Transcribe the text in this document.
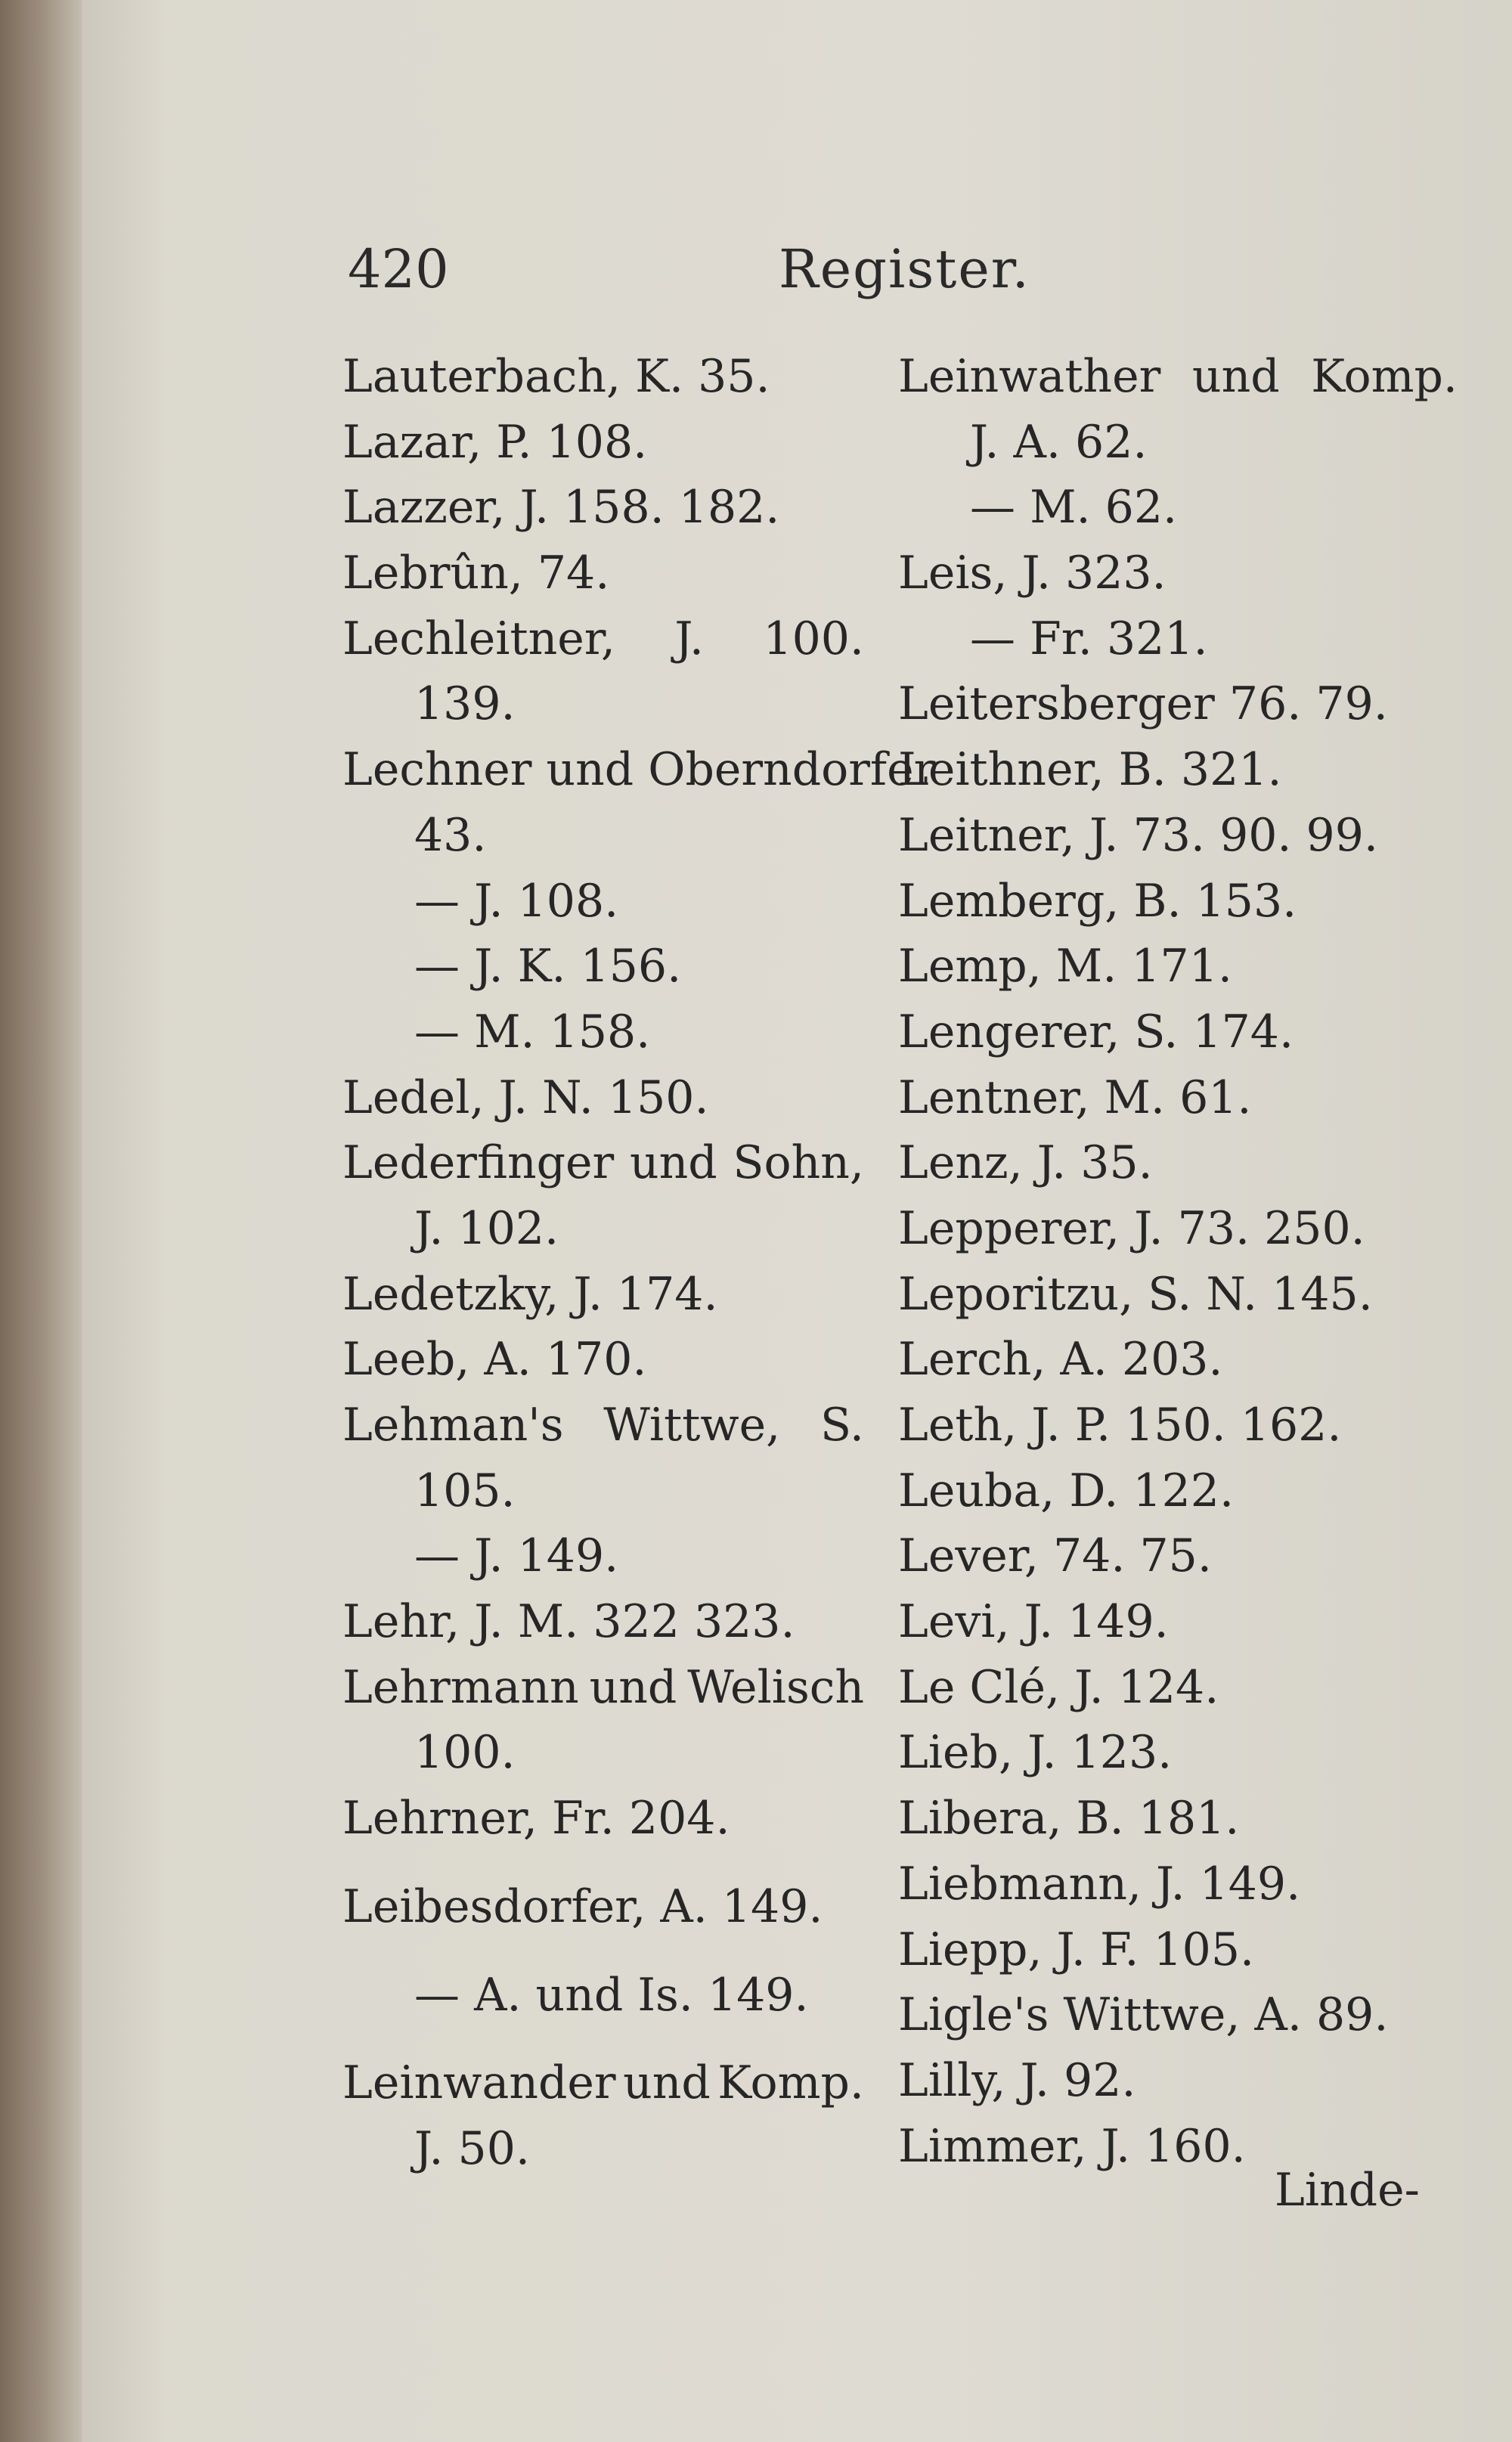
420	Register.
Lauterbach, K. 35.
Lazar, P. 108.
Lazzer, J. 158. 182.
Lebrûn, 74.
Lechleitner, J. 100.
139.
Lechner und Oberndorfer
43.
— J. 108.
— J. K. 156.
— M. 158.
Ledel, J. N. 150.
Lederfinger und Sohn,
J. 102.
Ledetzky, J. 174.
Leeb, A. 170.
Lehman's Wittwe, S.
105.
— J. 149.
Lehr, J. M. 322 323.
Lehrmann und Welisch
100.
Lehrner, Fr. 204.
Leibesdorfer, A. 149.
— A. und Is. 149.
Leinwander und Komp.
J. 50.
Leinwather und Komp.
J. A. 62.
— M. 62.
Leis, J. 323.
— Fr. 321.
Leitersberger 76. 79.
Leithner, B. 321.
Leitner, J. 73. 90. 99.
Lemberg, B. 153.
Lemp, M. 171.
Lengerer, S. 174.
Lentner, M. 61.
Lenz, J. 35.
Lepperer, J. 73. 250.
Leporitzu, S. N. 145.
Lerch, A. 203.
Leth, J. P. 150. 162.
Leuba, D. 122.
Lever, 74. 75.
Levi, J. 149.
Le Clé, J. 124.
Lieb, J. 123.
Libera, B. 181.
Liebmann, J. 149.
Liepp, J. F. 105.
Ligle's Wittwe, A. 89.
Lilly, J. 92.
Limmer, J. 160.
Linde-
